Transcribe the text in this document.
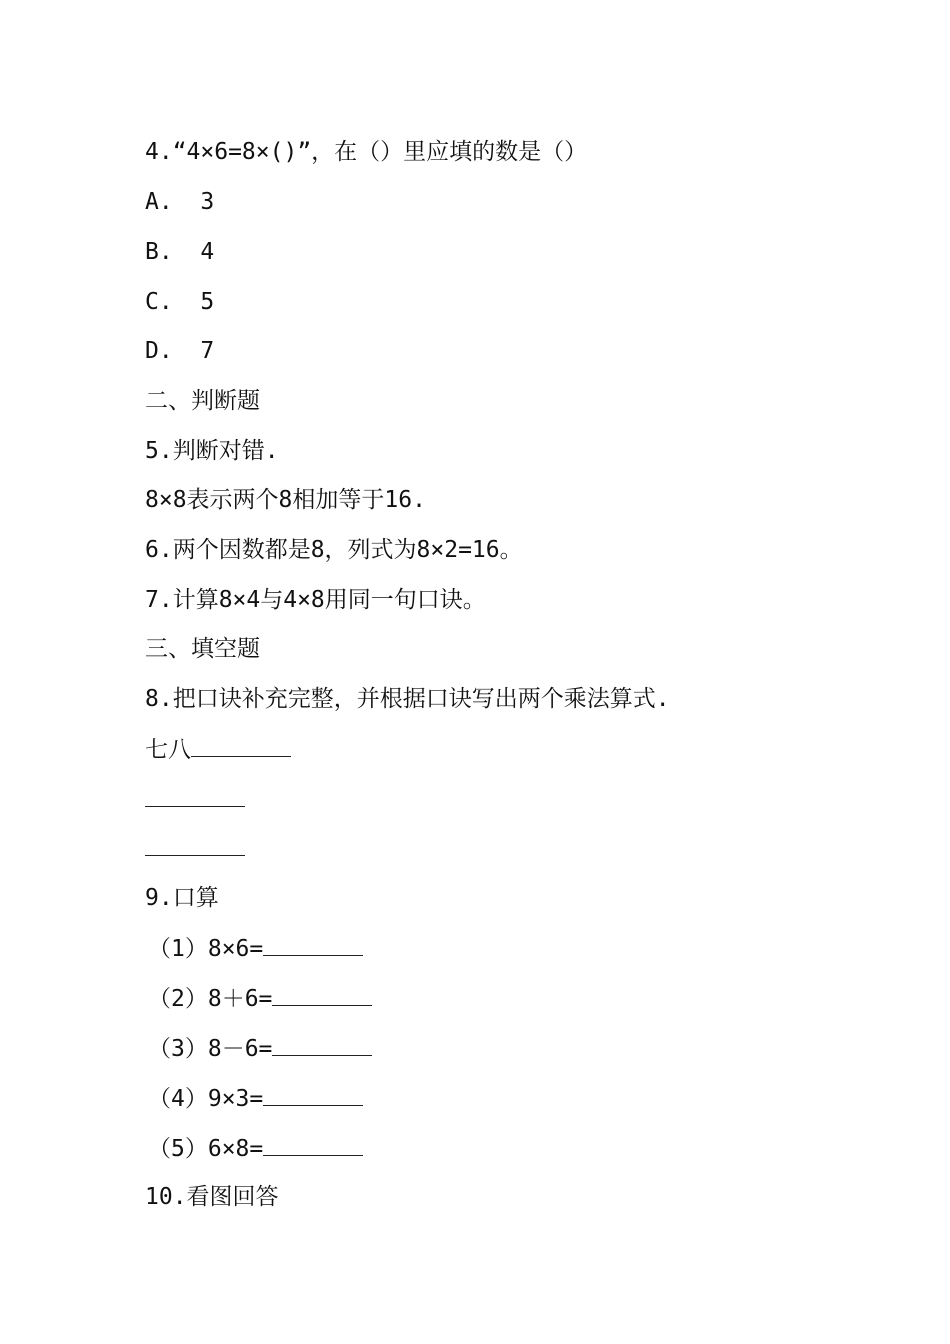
4.“4×6=8×()”，在（）里应填的数是（）
A.  3
B.  4
C.  5
D.  7
二、判断题
5.判断对错.
8×8表示两个8相加等于16.
6.两个因数都是8，列式为8×2=16。
7.计算8×4与4×8用同一句口诀。
三、填空题
8.把口诀补充完整，并根据口诀写出两个乘法算式.
七八
9.口算
（1）8×6=
（2）8＋6=
（3）8－6=
（4）9×3=
（5）6×8=
10.看图回答
